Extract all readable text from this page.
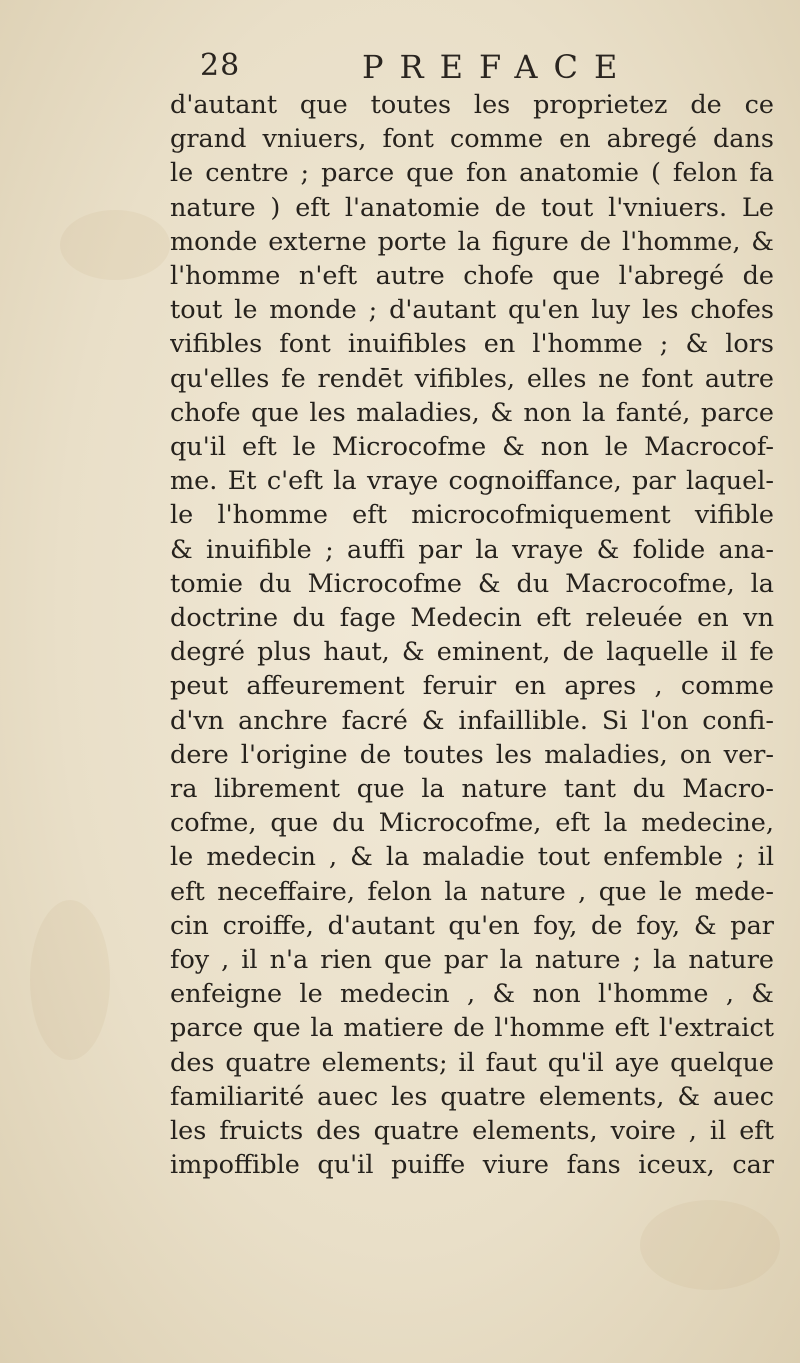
28	PREFACE
d'autant que toutes les proprietez de ce
grand vniuers, font comme en abregé dans
le centre ; parce que fon anatomie ( felon fa
nature ) eft l'anatomie de tout l'vniuers. Le
monde externe porte la figure de l'homme, &
l'homme n'eft autre chofe que l'abregé de
tout le monde ; d'autant qu'en luy les chofes
vifibles font inuifibles en l'homme ; & lors
qu'elles fe rendēt vifibles, elles ne font autre
chofe que les maladies, & non la fanté, parce
qu'il eft le Microcofme & non le Macrocof-
me. Et c'eft la vraye cognoiffance, par laquel-
le l'homme eft microcofmiquement vifible
& inuifible ; auffi par la vraye & folide ana-
tomie du Microcofme & du Macrocofme, la
doctrine du fage Medecin eft releuée en vn
degré plus haut, & eminent, de laquelle il fe
peut affeurement feruir en apres , comme
d'vn anchre facré & infaillible. Si l'on confi-
dere l'origine de toutes les maladies, on ver-
ra librement que la nature tant du Macro-
cofme, que du Microcofme, eft la medecine,
le medecin , & la maladie tout enfemble ; il
eft neceffaire, felon la nature , que le mede-
cin croiffe, d'autant qu'en foy, de foy, & par
foy , il n'a rien que par la nature ; la nature
enfeigne le medecin , & non l'homme , &
parce que la matiere de l'homme eft l'extraict
des quatre elements; il faut qu'il aye quelque
familiarité auec les quatre elements, & auec
les fruicts des quatre elements, voire , il eft
impoffible qu'il puiffe viure fans iceux, car
